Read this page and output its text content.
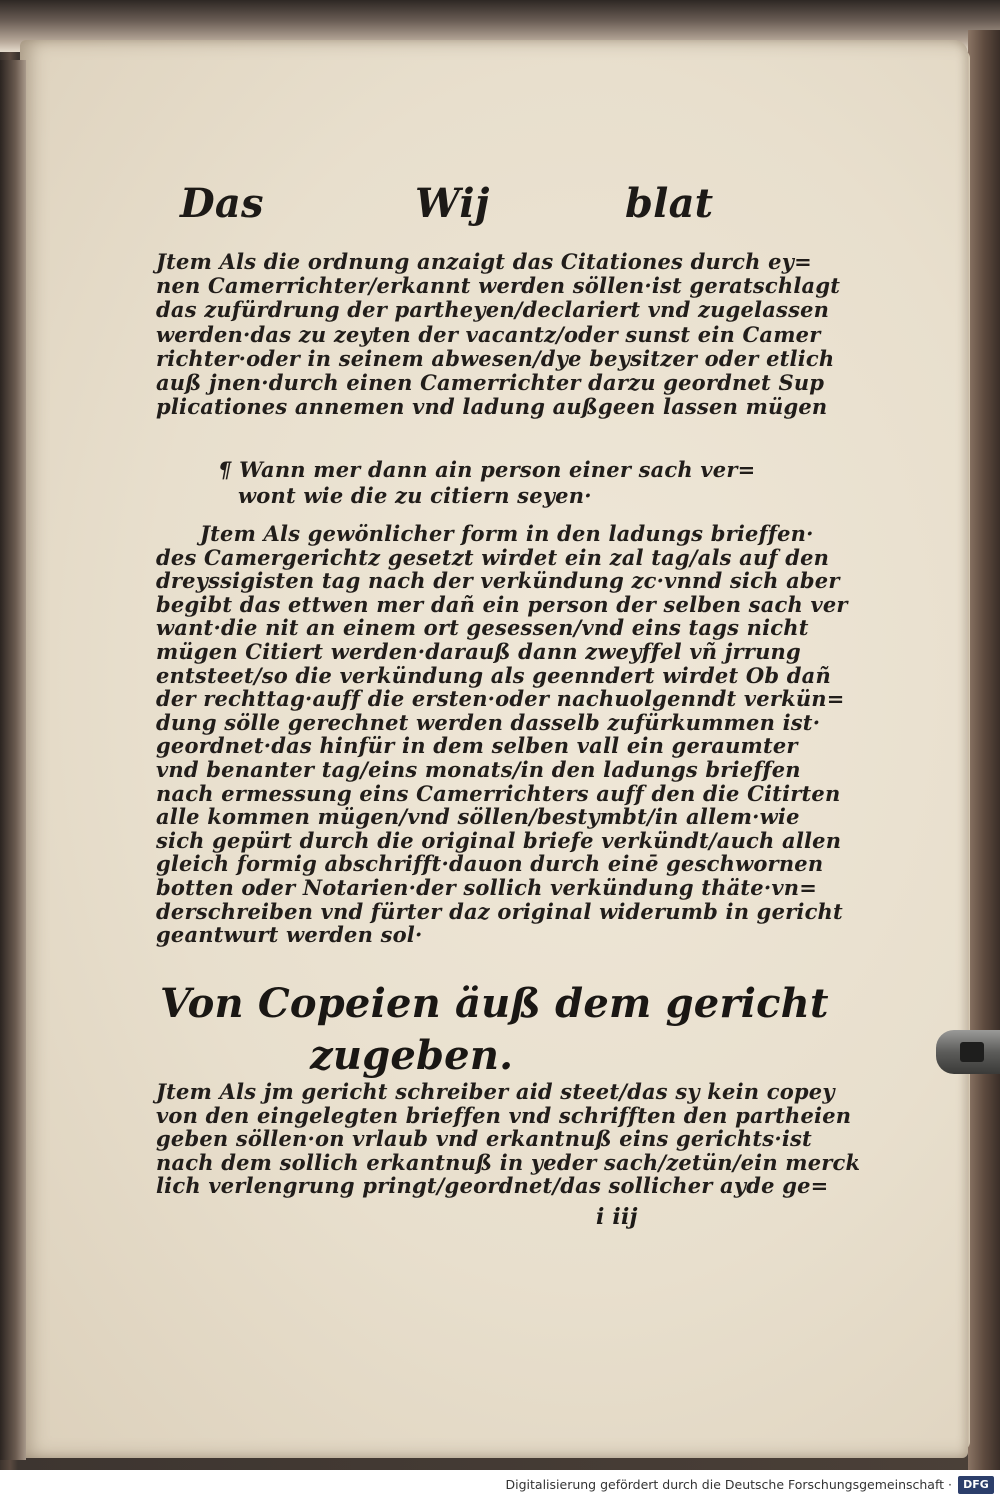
Das	Wij	blat
Jtem Als die ordnung anzaigt das Citationes durch ey=
nen Camerrichter/erkannt werden söllen·ist geratschlagt
das zufürdrung der partheyen/declariert vnd zugelassen
werden·das zu zeyten der vacantz/oder sunst ein Camer
richter·oder in seinem abwesen/dye beysitzer oder etlich
auß jnen·durch einen Camerrichter darzu geordnet Sup
plicationes annemen vnd ladung außgeen lassen mügen
¶ Wann mer dann ain person einer sach ver=
wont wie die zu citiern seyen·
Jtem Als gewönlicher form in den ladungs brieffen·
des Camergerichtz gesetzt wirdet ein zal tag/als auf den
dreyssigisten tag nach der verkündung zc·vnnd sich aber
begibt das ettwen mer dañ ein person der selben sach ver
want·die nit an einem ort gesessen/vnd eins tags nicht
mügen Citiert werden·darauß dann zweyffel vñ jrrung
entsteet/so die verkündung als geenndert wirdet Ob dañ
der rechttag·auff die ersten·oder nachuolgenndt verkün=
dung sölle gerechnet werden dasselb zufürkummen ist·
geordnet·das hinfür in dem selben vall ein geraumter
vnd benanter tag/eins monats/in den ladungs brieffen
nach ermessung eins Camerrichters auff den die Citirten
alle kommen mügen/vnd söllen/bestymbt/in allem·wie
sich gepürt durch die original briefe verkündt/auch allen
gleich formig abschrifft·dauon durch einē geschwornen
botten oder Notarien·der sollich verkündung thäte·vn=
derschreiben vnd fürter daz original widerumb in gericht
geantwurt werden sol·
Von Copeien äuß dem gericht
zugeben.
Jtem Als jm gericht schreiber aid steet/das sy kein copey
von den eingelegten brieffen vnd schrifften den partheien
geben söllen·on vrlaub vnd erkantnuß eins gerichts·ist
nach dem sollich erkantnuß in yeder sach/zetün/ein merck
lich verlengrung pringt/geordnet/das sollicher ayde ge=
i iij
Digitalisierung gefördert durch die Deutsche Forschungsgemeinschaft ·	DFG
